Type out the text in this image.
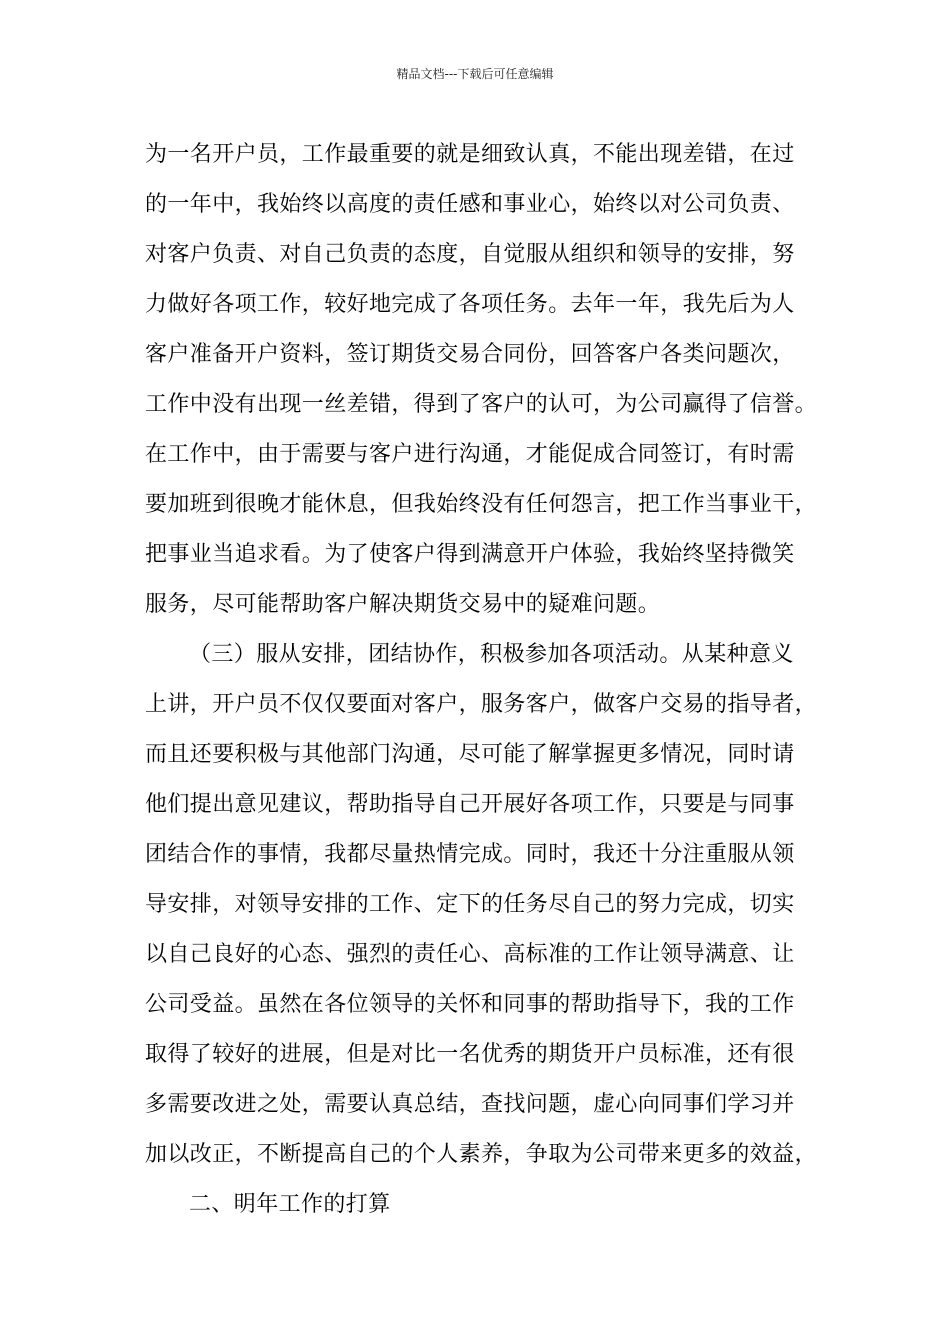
精品文档---下载后可任意编辑
为一名开户员，工作最重要的就是细致认真，不能出现差错，在过
的一年中，我始终以高度的责任感和事业心，始终以对公司负责、
对客户负责、对自己负责的态度，自觉服从组织和领导的安排，努
力做好各项工作，较好地完成了各项任务。去年一年，我先后为人
客户准备开户资料，签订期货交易合同份，回答客户各类问题次，
工作中没有出现一丝差错，得到了客户的认可，为公司赢得了信誉。
在工作中，由于需要与客户进行沟通，才能促成合同签订，有时需
要加班到很晚才能休息，但我始终没有任何怨言，把工作当事业干，
把事业当追求看。为了使客户得到满意开户体验，我始终坚持微笑
服务，尽可能帮助客户解决期货交易中的疑难问题。
（三）服从安排，团结协作，积极参加各项活动。从某种意义
上讲，开户员不仅仅要面对客户，服务客户，做客户交易的指导者，
而且还要积极与其他部门沟通，尽可能了解掌握更多情况，同时请
他们提出意见建议，帮助指导自己开展好各项工作，只要是与同事
团结合作的事情，我都尽量热情完成。同时，我还十分注重服从领
导安排，对领导安排的工作、定下的任务尽自己的努力完成，切实
以自己良好的心态、强烈的责任心、高标准的工作让领导满意、让
公司受益。虽然在各位领导的关怀和同事的帮助指导下，我的工作
取得了较好的进展，但是对比一名优秀的期货开户员标准，还有很
多需要改进之处，需要认真总结，查找问题，虚心向同事们学习并
加以改正，不断提高自己的个人素养，争取为公司带来更多的效益，
二、明年工作的打算
